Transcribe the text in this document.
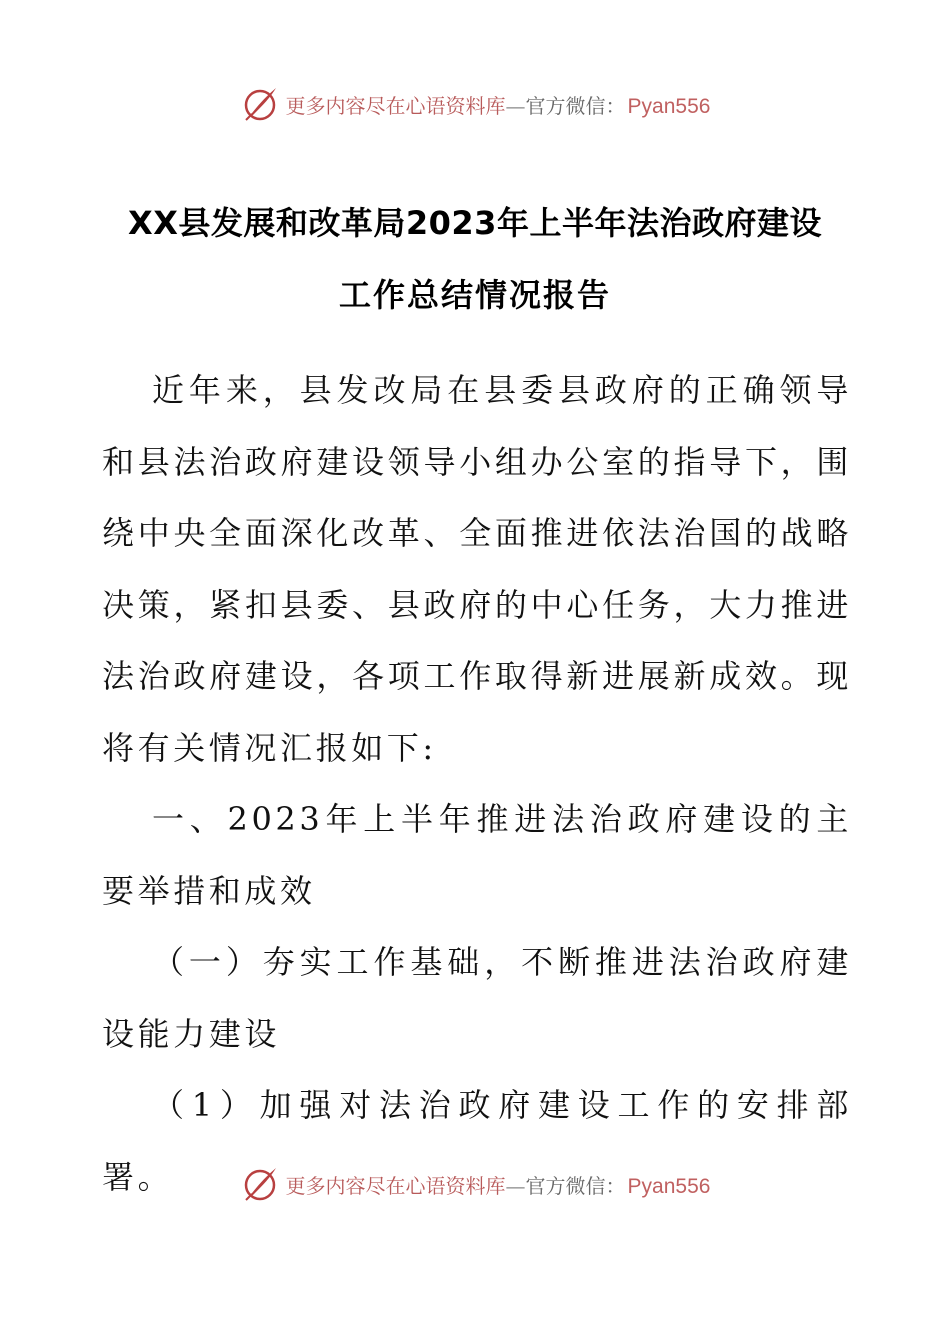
更多内容尽在心语资料库 — 官方微信： Pyan556
XX县发展和改革局2023年上半年法治政府建设
工作总结情况报告

近年来，县发改局在县委县政府的正确领导和县法治政府建设领导小组办公室的指导下，围绕中央全面深化改革、全面推进依法治国的战略决策，紧扣县委、县政府的中心任务，大力推进法治政府建设，各项工作取得新进展新成效。现将有关情况汇报如下:

一、2023年上半年推进法治政府建设的主要举措和成效

（一）夯实工作基础，不断推进法治政府建设能力建设

（1）加强对法治政府建设工作的安排部署。	更多内容尽在心语资料库 — 官方微信： Pyan556
